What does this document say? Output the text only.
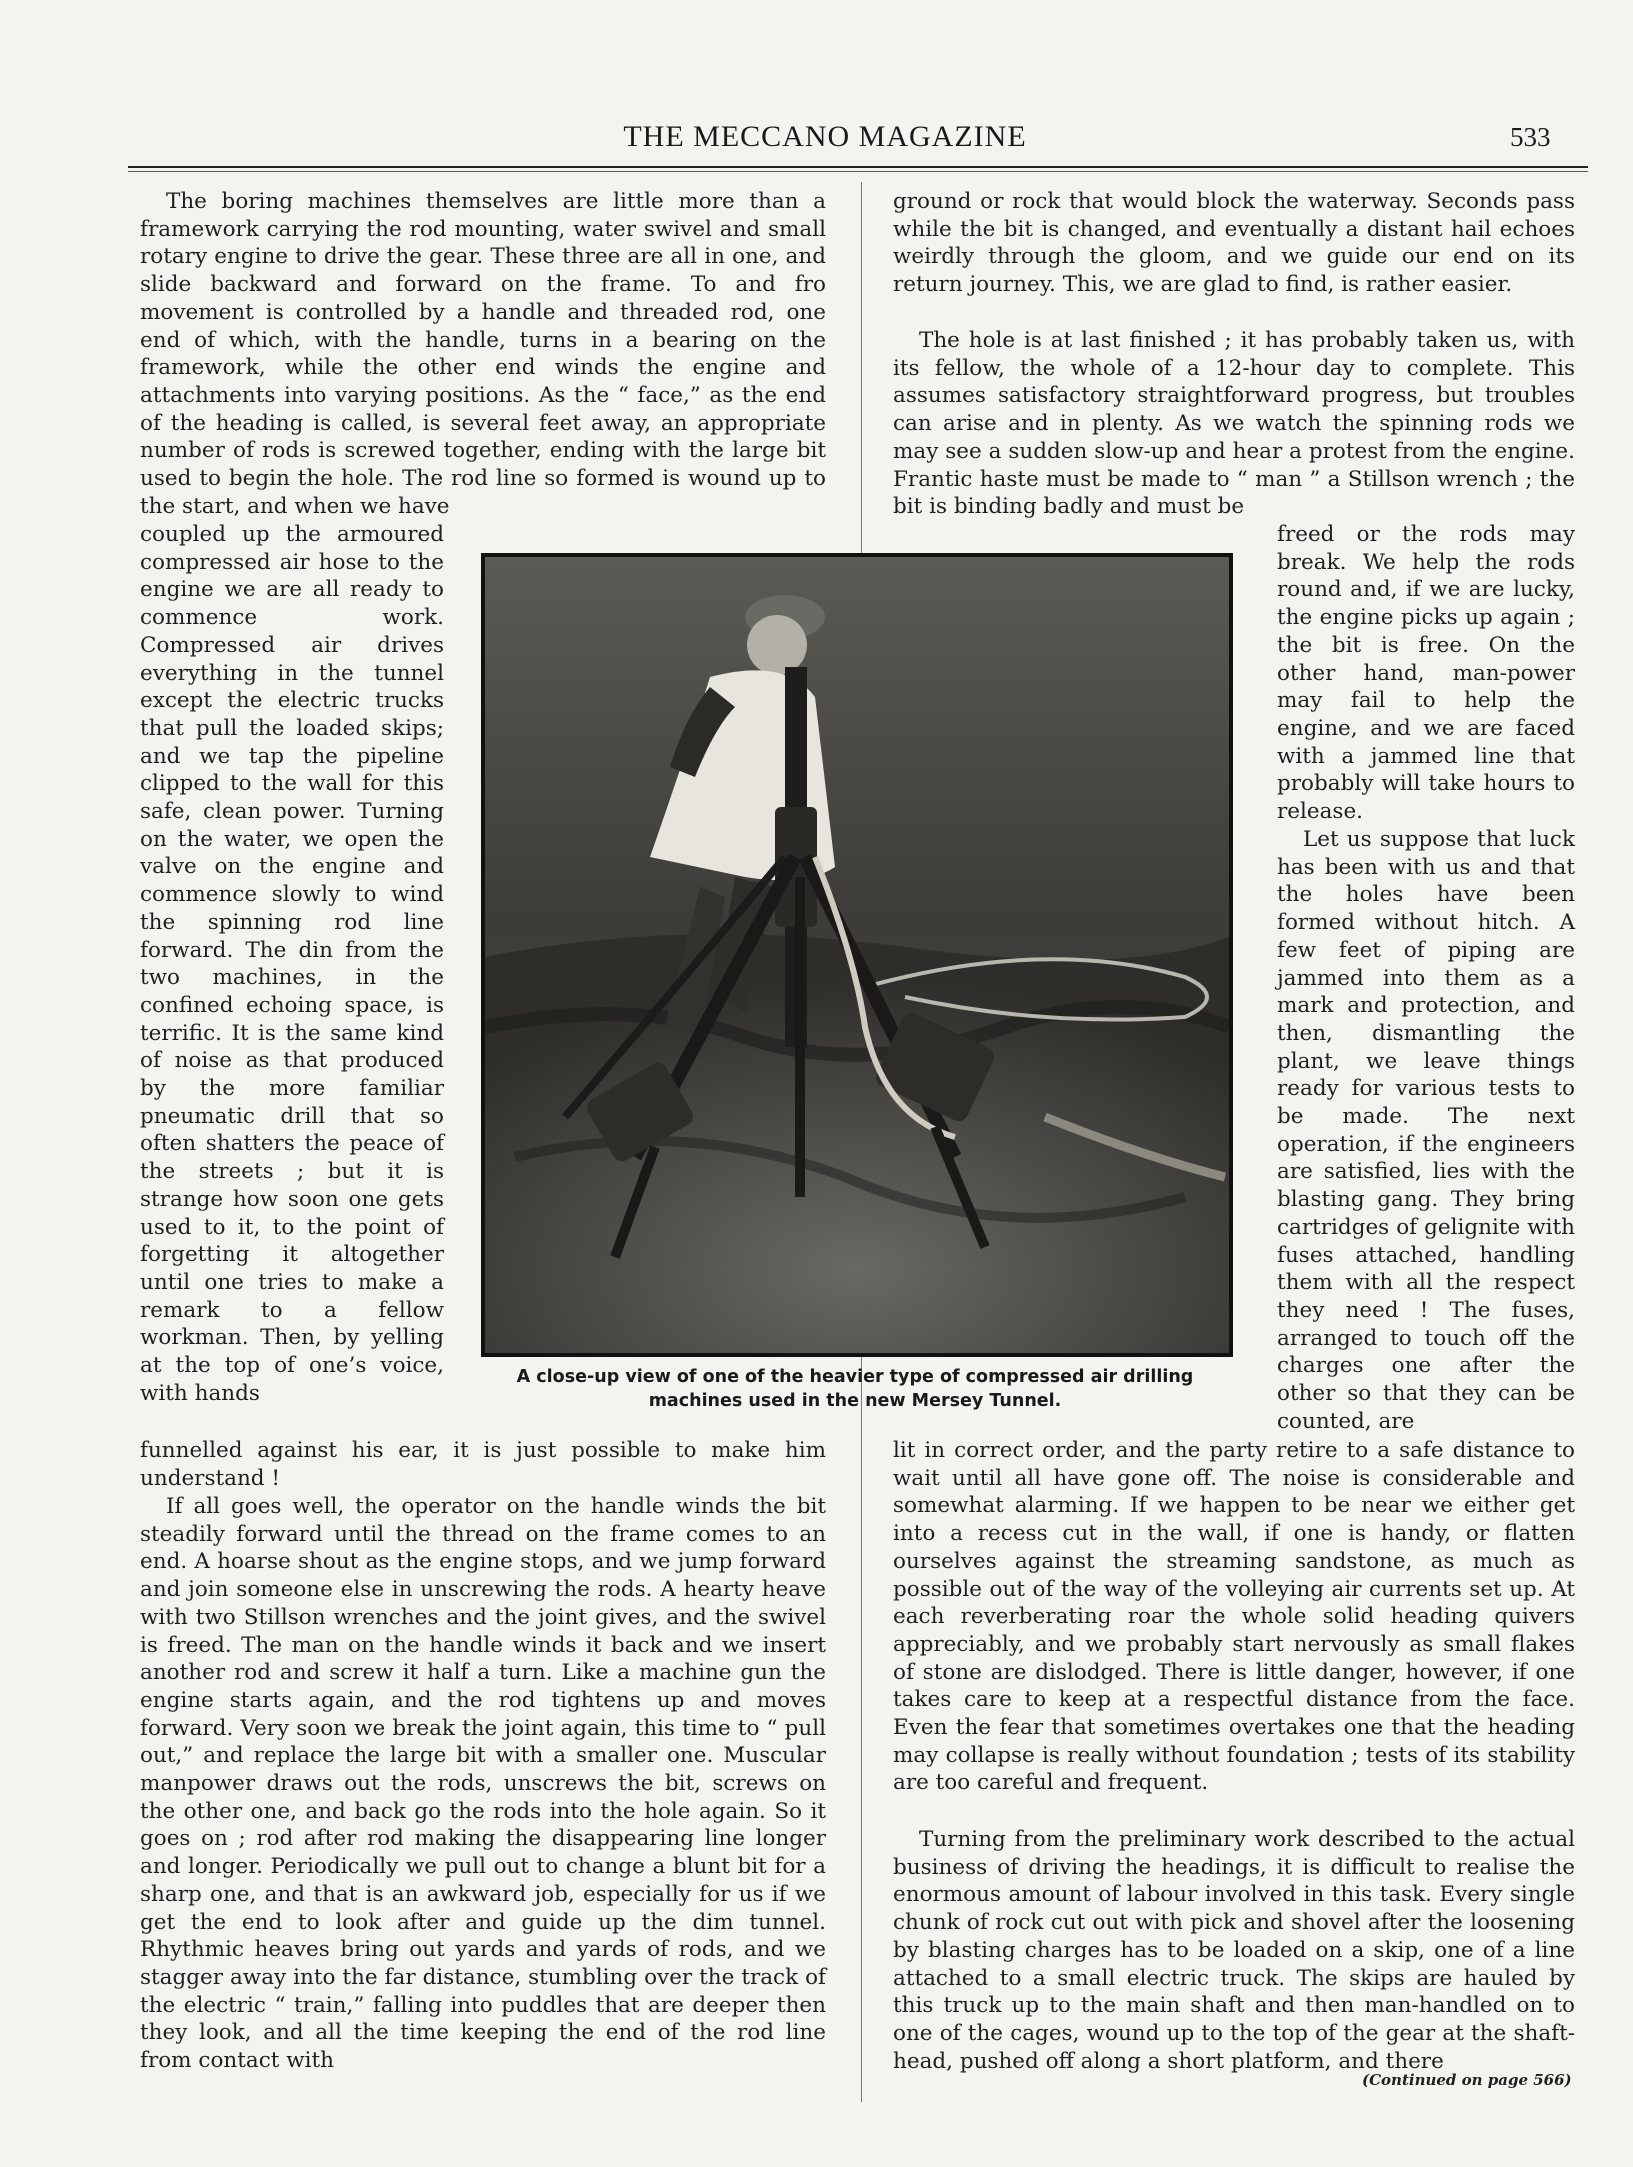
THE MECCANO MAGAZINE	533

The boring machines themselves are little more than a framework carrying the rod mounting, water swivel and small rotary engine to drive the gear. These three are all in one, and slide backward and forward on the frame. To and fro movement is controlled by a handle and threaded rod, one end of which, with the handle, turns in a bearing on the framework, while the other end winds the engine and attachments into varying positions. As the “ face,” as the end of the heading is called, is several feet away, an appropriate number of rods is screwed together, ending with the large bit used to begin the hole. The rod line so formed is wound up to the start, and when we have

coupled up the armoured compressed air hose to the engine we are all ready to commence work. Compressed air drives everything in the tunnel except the electric trucks that pull the loaded skips; and we tap the pipeline clipped to the wall for this safe, clean power. Turning on the water, we open the valve on the engine and commence slowly to wind the spinning rod line forward. The din from the two machines, in the confined echoing space, is terrific. It is the same kind of noise as that produced by the more familiar pneumatic drill that so often shatters the peace of the streets ; but it is strange how soon one gets used to it, to the point of forgetting it altogether until one tries to make a remark to a fellow workman. Then, by yelling at the top of one’s voice, with hands

funnelled against his ear, it is just possible to make him understand !

If all goes well, the operator on the handle winds the bit steadily forward until the thread on the frame comes to an end. A hoarse shout as the engine stops, and we jump forward and join someone else in unscrewing the rods. A hearty heave with two Stillson wrenches and the joint gives, and the swivel is freed. The man on the handle winds it back and we insert another rod and screw it half a turn. Like a machine gun the engine starts again, and the rod tightens up and moves forward. Very soon we break the joint again, this time to “ pull out,” and replace the large bit with a smaller one. Muscular manpower draws out the rods, unscrews the bit, screws on the other one, and back go the rods into the hole again. So it goes on ; rod after rod making the disappearing line longer and longer. Periodically we pull out to change a blunt bit for a sharp one, and that is an awkward job, especially for us if we get the end to look after and guide up the dim tunnel. Rhythmic heaves bring out yards and yards of rods, and we stagger away into the far distance, stumbling over the track of the electric “ train,” falling into puddles that are deeper then they look, and all the time keeping the end of the rod line from contact with

ground or rock that would block the waterway. Seconds pass while the bit is changed, and eventually a distant hail echoes weirdly through the gloom, and we guide our end on its return journey. This, we are glad to find, is rather easier.

The hole is at last finished ; it has probably taken us, with its fellow, the whole of a 12-hour day to complete. This assumes satisfactory straightforward progress, but troubles can arise and in plenty. As we watch the spinning rods we may see a sudden slow-up and hear a protest from the engine. Frantic haste must be made to “ man ” a Stillson wrench ; the bit is binding badly and must be

freed or the rods may break. We help the rods round and, if we are lucky, the engine picks up again ; the bit is free. On the other hand, man-power may fail to help the engine, and we are faced with a jammed line that probably will take hours to release.

Let us suppose that luck has been with us and that the holes have been formed without hitch. A few feet of piping are jammed into them as a mark and protection, and then, dismantling the plant, we leave things ready for various tests to be made. The next operation, if the engineers are satisfied, lies with the blasting gang. They bring cartridges of gelignite with fuses attached, handling them with all the respect they need ! The fuses, arranged to touch off the charges one after the other so that they can be counted, are

lit in correct order, and the party retire to a safe distance to wait until all have gone off. The noise is considerable and somewhat alarming. If we happen to be near we either get into a recess cut in the wall, if one is handy, or flatten ourselves against the streaming sandstone, as much as possible out of the way of the volleying air currents set up. At each reverberating roar the whole solid heading quivers appreciably, and we probably start nervously as small flakes of stone are dislodged. There is little danger, however, if one takes care to keep at a respectful distance from the face. Even the fear that sometimes overtakes one that the heading may collapse is really without foundation ; tests of its stability are too careful and frequent.

Turning from the preliminary work described to the actual business of driving the headings, it is difficult to realise the enormous amount of labour involved in this task. Every single chunk of rock cut out with pick and shovel after the loosening by blasting charges has to be loaded on a skip, one of a line attached to a small electric truck. The skips are hauled by this truck up to the main shaft and then man-handled on to one of the cages, wound up to the top of the gear at the shaft-head, pushed off along a short platform, and there

(Continued on page 566)
A close-up view of one of the heavier type of compressed air drilling machines used in the new Mersey Tunnel.
